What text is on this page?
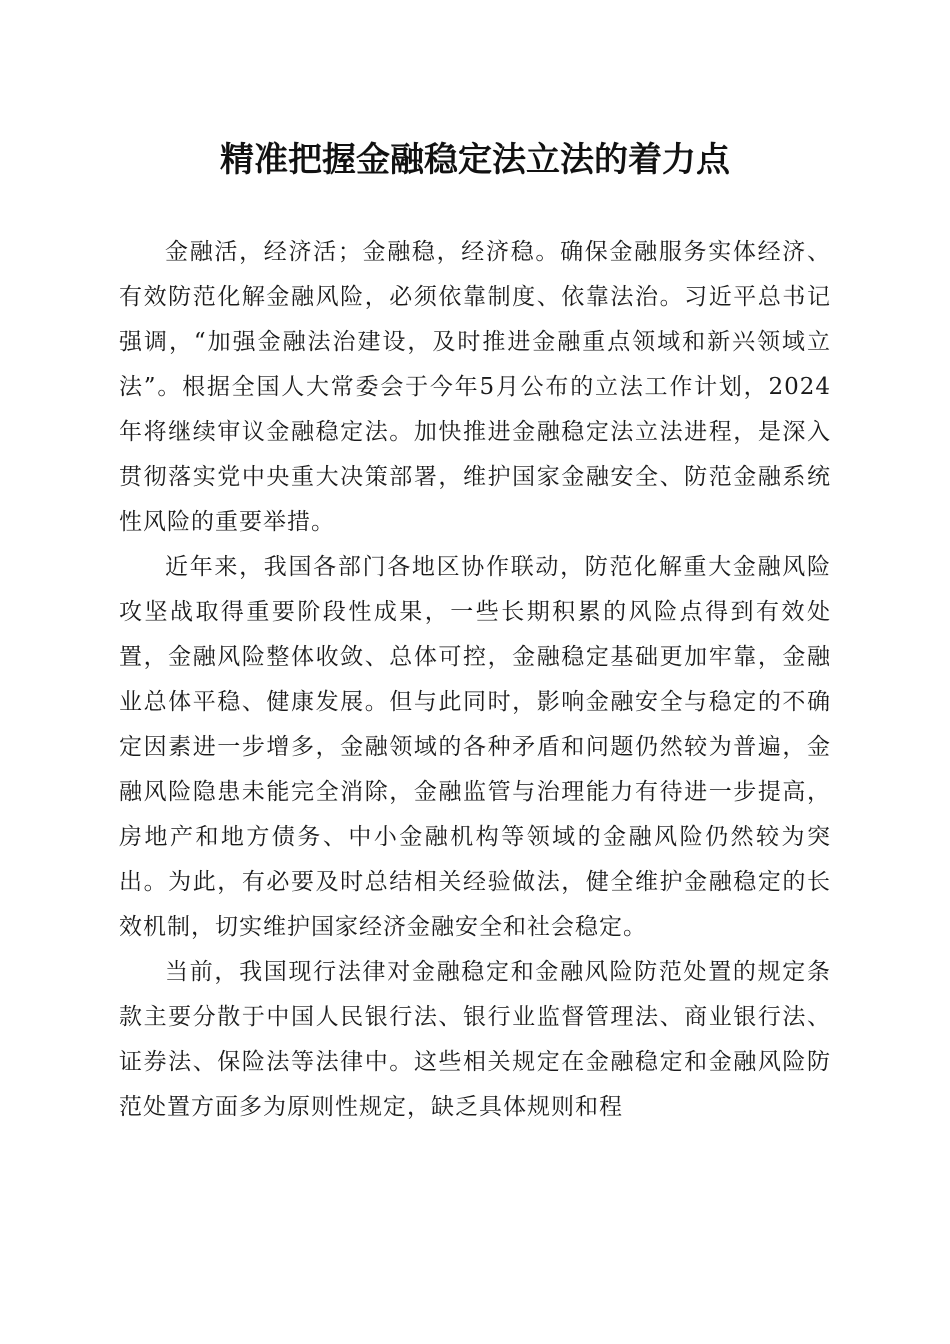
精准把握金融稳定法立法的着力点

金融活，经济活；金融稳，经济稳。确保金融服务实体经济、有效防范化解金融风险，必须依靠制度、依靠法治。习近平总书记强调，“加强金融法治建设，及时推进金融重点领域和新兴领域立法”。根据全国人大常委会于今年5月公布的立法工作计划，2024年将继续审议金融稳定法。加快推进金融稳定法立法进程，是深入贯彻落实党中央重大决策部署，维护国家金融安全、防范金融系统性风险的重要举措。

近年来，我国各部门各地区协作联动，防范化解重大金融风险攻坚战取得重要阶段性成果，一些长期积累的风险点得到有效处置，金融风险整体收敛、总体可控，金融稳定基础更加牢靠，金融业总体平稳、健康发展。但与此同时，影响金融安全与稳定的不确定因素进一步增多，金融领域的各种矛盾和问题仍然较为普遍，金融风险隐患未能完全消除，金融监管与治理能力有待进一步提高，房地产和地方债务、中小金融机构等领域的金融风险仍然较为突出。为此，有必要及时总结相关经验做法，健全维护金融稳定的长效机制，切实维护国家经济金融安全和社会稳定。

当前，我国现行法律对金融稳定和金融风险防范处置的规定条款主要分散于中国人民银行法、银行业监督管理法、商业银行法、证券法、保险法等法律中。这些相关规定在金融稳定和金融风险防范处置方面多为原则性规定，缺乏具体规则和程
